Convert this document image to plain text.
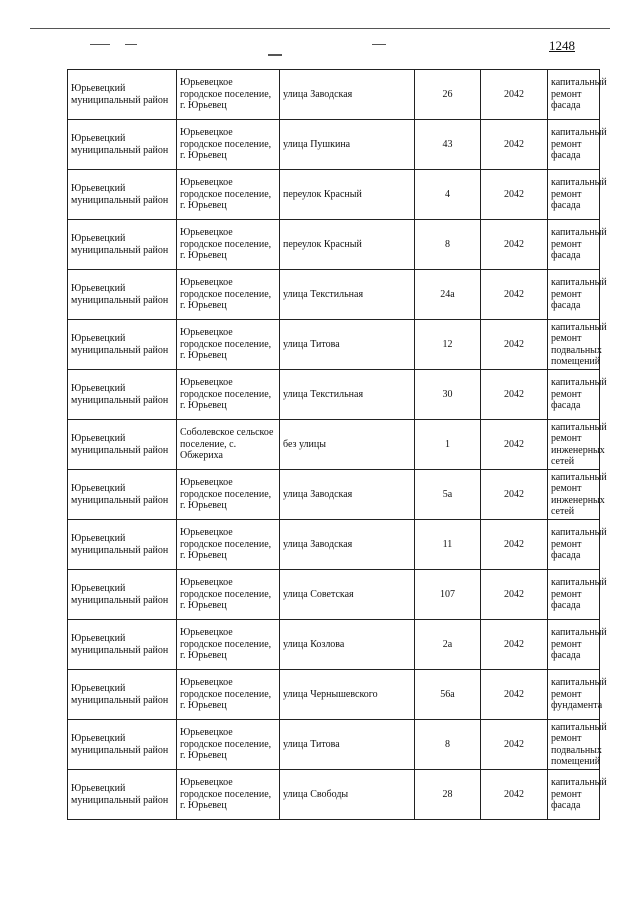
1248
Юрьевецкий муниципальный район	Юрьевецкое городское поселение, г. Юрьевец	улица Заводская	26	2042	капитальный ремонт фасада
Юрьевецкий муниципальный район	Юрьевецкое городское поселение, г. Юрьевец	улица Пушкина	43	2042	капитальный ремонт фасада
Юрьевецкий муниципальный район	Юрьевецкое городское поселение, г. Юрьевец	переулок Красный	4	2042	капитальный ремонт фасада
Юрьевецкий муниципальный район	Юрьевецкое городское поселение, г. Юрьевец	переулок Красный	8	2042	капитальный ремонт фасада
Юрьевецкий муниципальный район	Юрьевецкое городское поселение, г. Юрьевец	улица Текстильная	24а	2042	капитальный ремонт фасада
Юрьевецкий муниципальный район	Юрьевецкое городское поселение, г. Юрьевец	улица Титова	12	2042	капитальный ремонт подвальных помещений
Юрьевецкий муниципальный район	Юрьевецкое городское поселение, г. Юрьевец	улица Текстильная	30	2042	капитальный ремонт фасада
Юрьевецкий муниципальный район	Соболевское сельское поселение, с. Обжериха	без улицы	1	2042	капитальный ремонт инженерных сетей
Юрьевецкий муниципальный район	Юрьевецкое городское поселение, г. Юрьевец	улица Заводская	5а	2042	капитальный ремонт инженерных сетей
Юрьевецкий муниципальный район	Юрьевецкое городское поселение, г. Юрьевец	улица Заводская	11	2042	капитальный ремонт фасада
Юрьевецкий муниципальный район	Юрьевецкое городское поселение, г. Юрьевец	улица Советская	107	2042	капитальный ремонт фасада
Юрьевецкий муниципальный район	Юрьевецкое городское поселение, г. Юрьевец	улица Козлова	2а	2042	капитальный ремонт фасада
Юрьевецкий муниципальный район	Юрьевецкое городское поселение, г. Юрьевец	улица Чернышевского	56а	2042	капитальный ремонт фундамента
Юрьевецкий муниципальный район	Юрьевецкое городское поселение, г. Юрьевец	улица Титова	8	2042	капитальный ремонт подвальных помещений
Юрьевецкий муниципальный район	Юрьевецкое городское поселение, г. Юрьевец	улица Свободы	28	2042	капитальный ремонт фасада
